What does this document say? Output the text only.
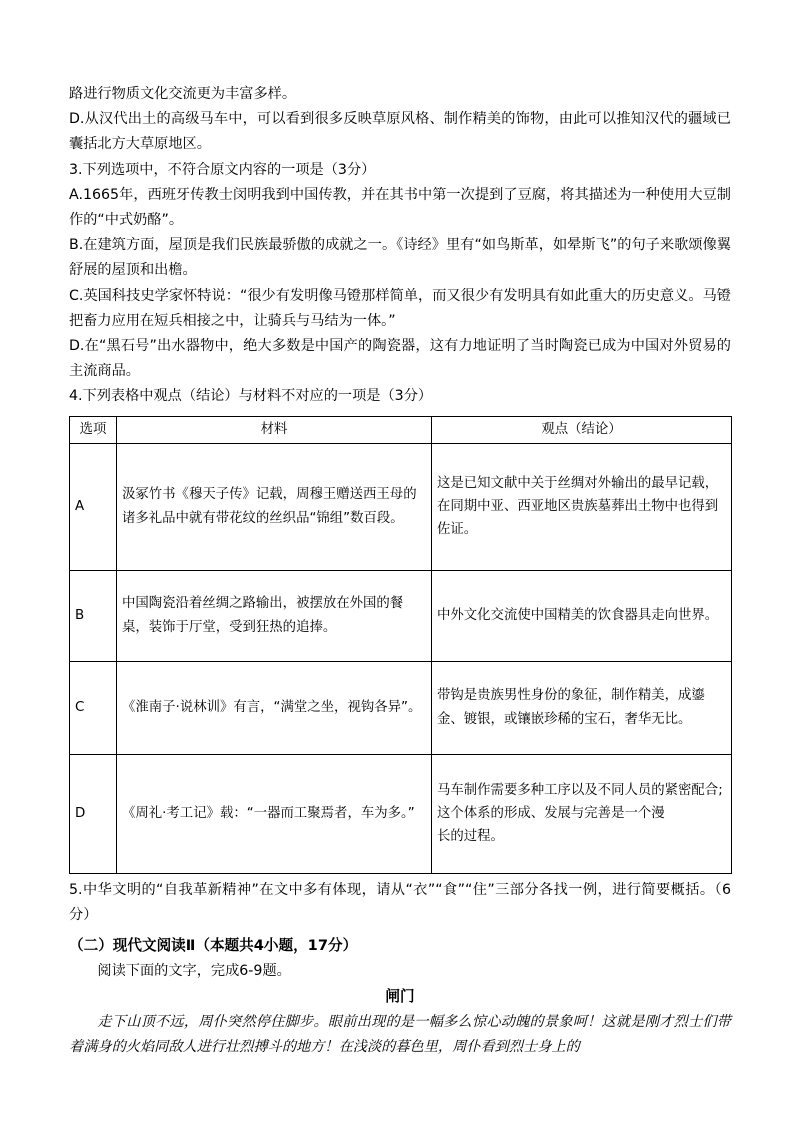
路进行物质文化交流更为丰富多样。

D.从汉代出土的高级马车中，可以看到很多反映草原风格、制作精美的饰物，由此可以推知汉代的疆域已囊括北方大草原地区。

3.下列选项中，不符合原文内容的一项是（3分）

A.1665年，西班牙传教士闵明我到中国传教，并在其书中第一次提到了豆腐，将其描述为一种使用大豆制作的“中式奶酪”。

B.在建筑方面，屋顶是我们民族最骄傲的成就之一。《诗经》里有“如鸟斯革，如晕斯飞”的句子来歌颂像翼舒展的屋顶和出檐。

C.英国科技史学家怀特说：“很少有发明像马镫那样简单，而又很少有发明具有如此重大的历史意义。马镫把畜力应用在短兵相接之中，让骑兵与马结为一体。”

D.在“黑石号”出水器物中，绝大多数是中国产的陶瓷器，这有力地证明了当时陶瓷已成为中国对外贸易的主流商品。

4.下列表格中观点（结论）与材料不对应的一项是（3分）

选项	材料	观点（结论）
A	汲冢竹书《穆天子传》记载，周穆王赠送西王母的诸多礼品中就有带花纹的丝织品“锦组”数百段。	这是已知文献中关于丝绸对外输出的最早记载，在同期中亚、西亚地区贵族墓葬出土物中也得到佐证。
B	中国陶瓷沿着丝绸之路输出，被摆放在外国的餐桌，装饰于厅堂，受到狂热的追捧。	中外文化交流使中国精美的饮食器具走向世界。
C	《淮南子·说林训》有言，“满堂之坐，视钩各异”。	带钩是贵族男性身份的象征，制作精美，成鎏金、镀银，或镶嵌珍稀的宝石，奢华无比。
D	《周礼·考工记》载：“一器而工聚焉者，车为多。”	马车制作需要多种工序以及不同人员的紧密配合; 这个体系的形成、发展与完善是一个漫
长的过程。

5.中华文明的“自我革新精神”在文中多有体现，请从“衣”“食”“住”三部分各找一例，进行简要概括。（6分）

（二）现代文阅读Ⅱ（本题共4小题，17分）

阅读下面的文字，完成6-9题。

闸门

走下山顶不远，周仆突然停住脚步。眼前出现的是一幅多么惊心动魄的景象呵！这就是刚才烈士们带着满身的火焰同敌人进行壮烈搏斗的地方！在浅淡的暮色里，周仆看到烈士身上的
